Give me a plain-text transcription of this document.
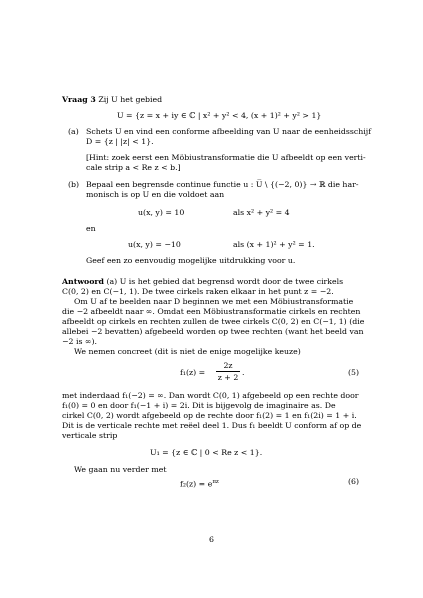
Vraag 3 Zij U het gebied
U = {z = x + iy ∈ ℂ | x² + y² < 4, (x + 1)² + y² > 1}
(a) Schets U en vind een conforme afbeelding van U naar de eenheidsschijf
D = {z | |z| < 1}.
[Hint: zoek eerst een Möbiustransformatie die U afbeeldt op een verti-
cale strip a < Re z < b.]
(b) Bepaal een begrensde continue functie u : U̅ \ {(−2, 0)} → ℝ die har-
monisch is op U en die voldoet aan
u(x, y) = 10	als x² + y² = 4
en
u(x, y) = −10	als (x + 1)² + y² = 1.
Geef een zo eenvoudig mogelijke uitdrukking voor u.
Antwoord (a) U is het gebied dat begrensd wordt door de twee cirkels
C(0, 2) en C(−1, 1). De twee cirkels raken elkaar in het punt z = −2.
Om U af te beelden naar D beginnen we met een Möbiustransformatie
die −2 afbeeldt naar ∞. Omdat een Möbiustransformatie cirkels en rechten
afbeeldt op cirkels en rechten zullen de twee cirkels C(0, 2) en C(−1, 1) (die
allebei −2 bevatten) afgebeeld worden op twee rechten (want het beeld van
−2 is ∞).
We nemen concreet (dit is niet de enige mogelijke keuze)
f₁(z) =
2z
z + 2
.	(5)
met inderdaad f₁(−2) = ∞. Dan wordt C(0, 1) afgebeeld op een rechte door
f₁(0) = 0 en door f₁(−1 + i) = 2i. Dit is bijgevolg de imaginaire as. De
cirkel C(0, 2) wordt afgebeeld op de rechte door f₁(2) = 1 en f₁(2i) = 1 + i.
Dit is de verticale rechte met reëel deel 1. Dus f₁ beeldt U conform af op de
verticale strip
U₁ = {z ∈ ℂ | 0 < Re z < 1}.
We gaan nu verder met
$f_2(z) = e^{\pi z}$	(6)
6
